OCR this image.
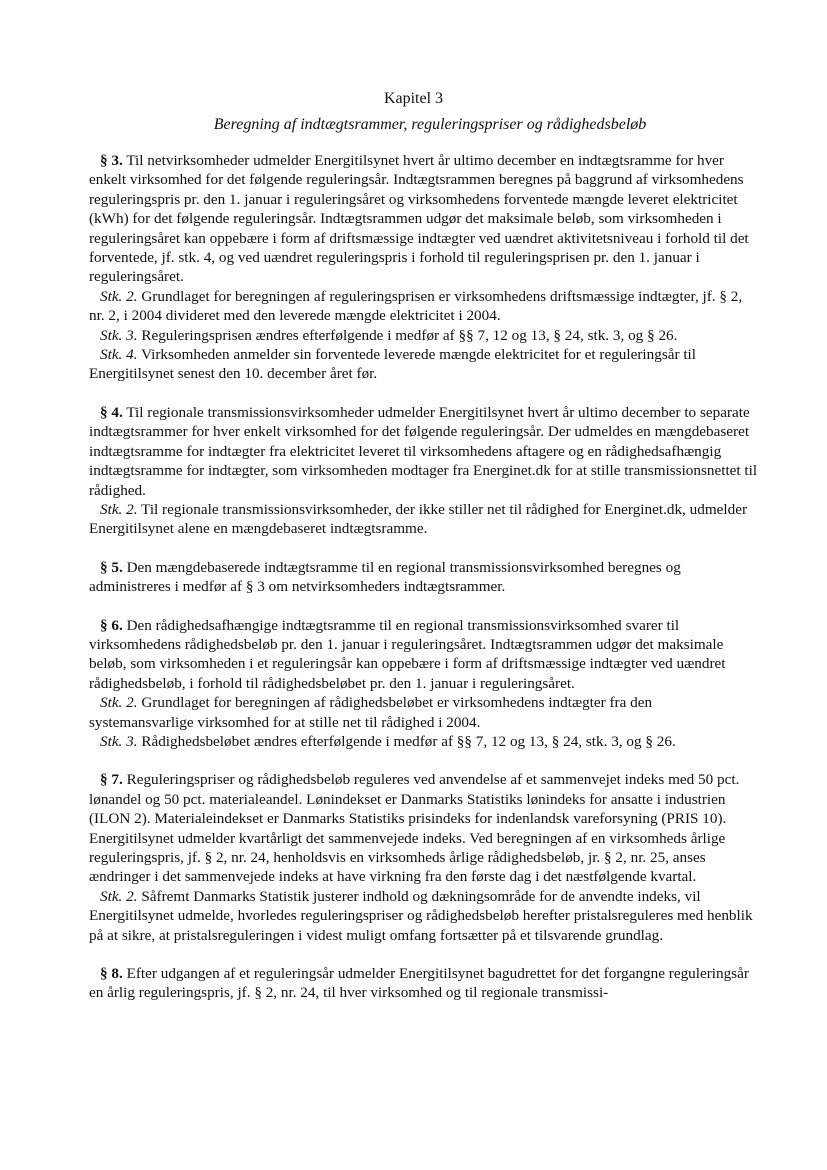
Kapitel 3
Beregning af indtægtsrammer, reguleringspriser og rådighedsbeløb

§ 3. Til netvirksomheder udmelder Energitilsynet hvert år ultimo december en indtægtsramme for hver enkelt virksomhed for det følgende reguleringsår. Indtægtsrammen beregnes på baggrund af virksomhedens reguleringspris pr. den 1. januar i reguleringsåret og virksomhedens forventede mængde leveret elektricitet (kWh) for det følgende reguleringsår. Indtægtsrammen udgør det maksimale beløb, som virksomheden i reguleringsåret kan oppebære i form af driftsmæssige indtægter ved uændret aktivitetsniveau i forhold til det forventede, jf. stk. 4, og ved uændret reguleringspris i forhold til reguleringsprisen pr. den 1. januar i reguleringsåret.

Stk. 2. Grundlaget for beregningen af reguleringsprisen er virksomhedens driftsmæssige indtægter, jf. § 2, nr. 2, i 2004 divideret med den leverede mængde elektricitet i 2004.

Stk. 3. Reguleringsprisen ændres efterfølgende i medfør af §§ 7, 12 og 13, § 24, stk. 3, og § 26.

Stk. 4. Virksomheden anmelder sin forventede leverede mængde elektricitet for et reguleringsår til Energitilsynet senest den 10. december året før.

§ 4. Til regionale transmissionsvirksomheder udmelder Energitilsynet hvert år ultimo december to separate indtægtsrammer for hver enkelt virksomhed for det følgende reguleringsår. Der udmeldes en mængdebaseret indtægtsramme for indtægter fra elektricitet leveret til virksomhedens aftagere og en rådighedsafhængig indtægtsramme for indtægter, som virksomheden modtager fra Energinet.dk for at stille transmissionsnettet til rådighed.

Stk. 2. Til regionale transmissionsvirksomheder, der ikke stiller net til rådighed for Energinet.dk, udmelder Energitilsynet alene en mængdebaseret indtægtsramme.

§ 5. Den mængdebaserede indtægtsramme til en regional transmissionsvirksomhed beregnes og administreres i medfør af § 3 om netvirksomheders indtægtsrammer.

§ 6. Den rådighedsafhængige indtægtsramme til en regional transmissionsvirksomhed svarer til virksomhedens rådighedsbeløb pr. den 1. januar i reguleringsåret. Indtægtsrammen udgør det maksimale beløb, som virksomheden i et reguleringsår kan oppebære i form af driftsmæssige indtægter ved uændret rådighedsbeløb, i forhold til rådighedsbeløbet pr. den 1. januar i reguleringsåret.

Stk. 2. Grundlaget for beregningen af rådighedsbeløbet er virksomhedens indtægter fra den systemansvarlige virksomhed for at stille net til rådighed i 2004.

Stk. 3. Rådighedsbeløbet ændres efterfølgende i medfør af §§ 7, 12 og 13, § 24, stk. 3, og § 26.

§ 7. Reguleringspriser og rådighedsbeløb reguleres ved anvendelse af et sammenvejet indeks med 50 pct. lønandel og 50 pct. materialeandel. Lønindekset er Danmarks Statistiks lønindeks for ansatte i industrien (ILON 2). Materialeindekset er Danmarks Statistiks prisindeks for indenlandsk vareforsyning (PRIS 10). Energitilsynet udmelder kvartårligt det sammenvejede indeks. Ved beregningen af en virksomheds årlige reguleringspris, jf. § 2, nr. 24, henholdsvis en virksomheds årlige rådighedsbeløb, jr. § 2, nr. 25, anses ændringer i det sammenvejede indeks at have virkning fra den første dag i det næstfølgende kvartal.

Stk. 2. Såfremt Danmarks Statistik justerer indhold og dækningsområde for de anvendte indeks, vil Energitilsynet udmelde, hvorledes reguleringspriser og rådighedsbeløb herefter pristalsreguleres med henblik på at sikre, at pristalsreguleringen i videst muligt omfang fortsætter på et tilsvarende grundlag.

§ 8. Efter udgangen af et reguleringsår udmelder Energitilsynet bagudrettet for det forgangne reguleringsår en årlig reguleringspris, jf. § 2, nr. 24, til hver virksomhed og til regionale transmissi-
